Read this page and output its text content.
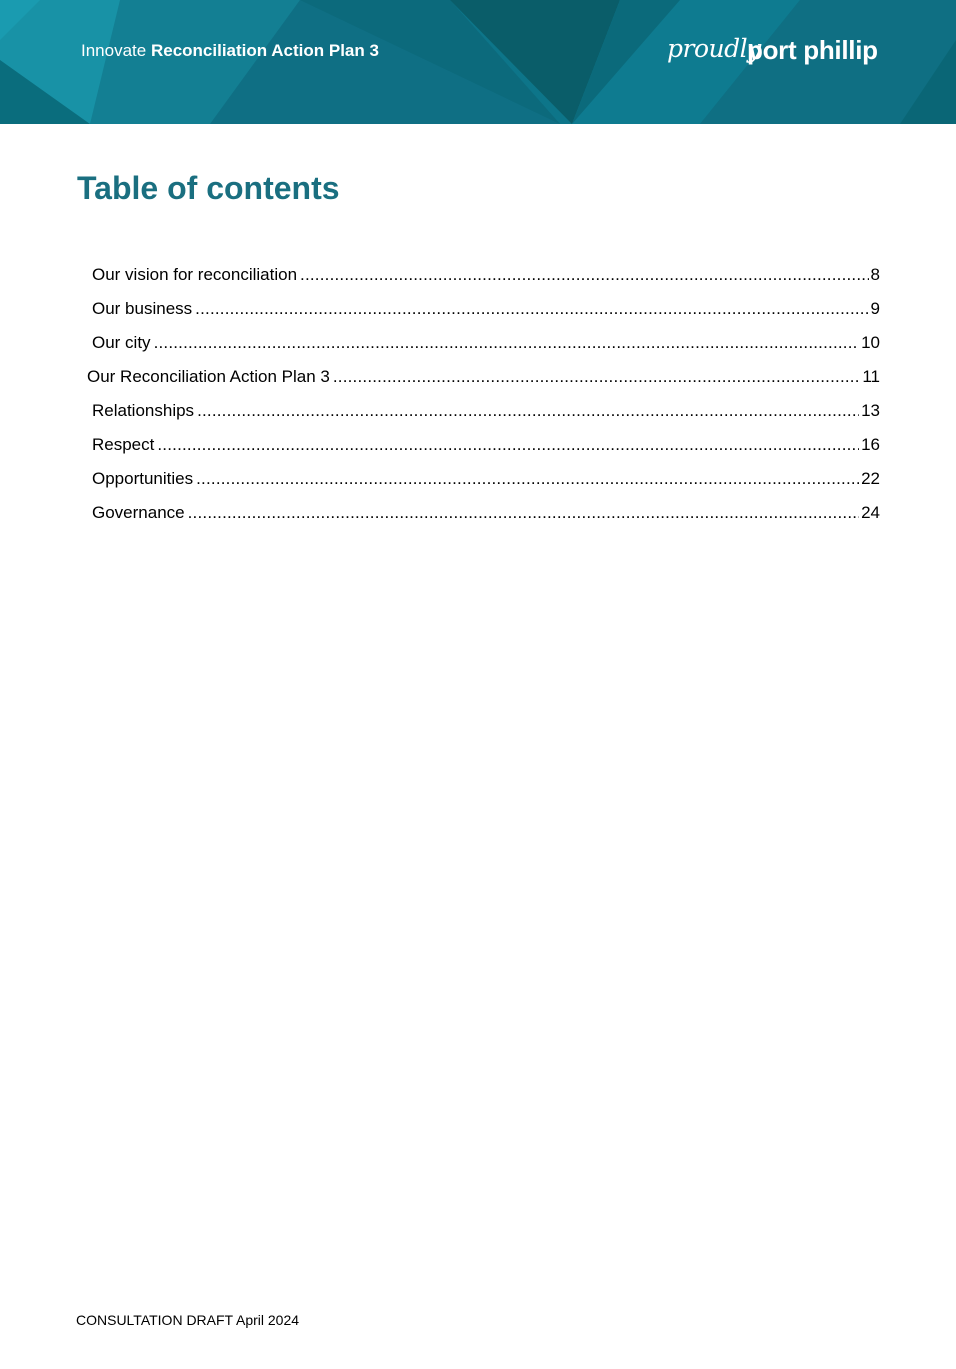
Innovate Reconciliation Action Plan 3	proudly
port phillip
Table of contents
Our vision for reconciliation .....	8
Our business .....	9
Our city .....	10
Our Reconciliation Action Plan 3 .....	11
Relationships .....	13
Respect .....	16
Opportunities .....	22
Governance .....	24
CONSULTATION DRAFT April 2024
